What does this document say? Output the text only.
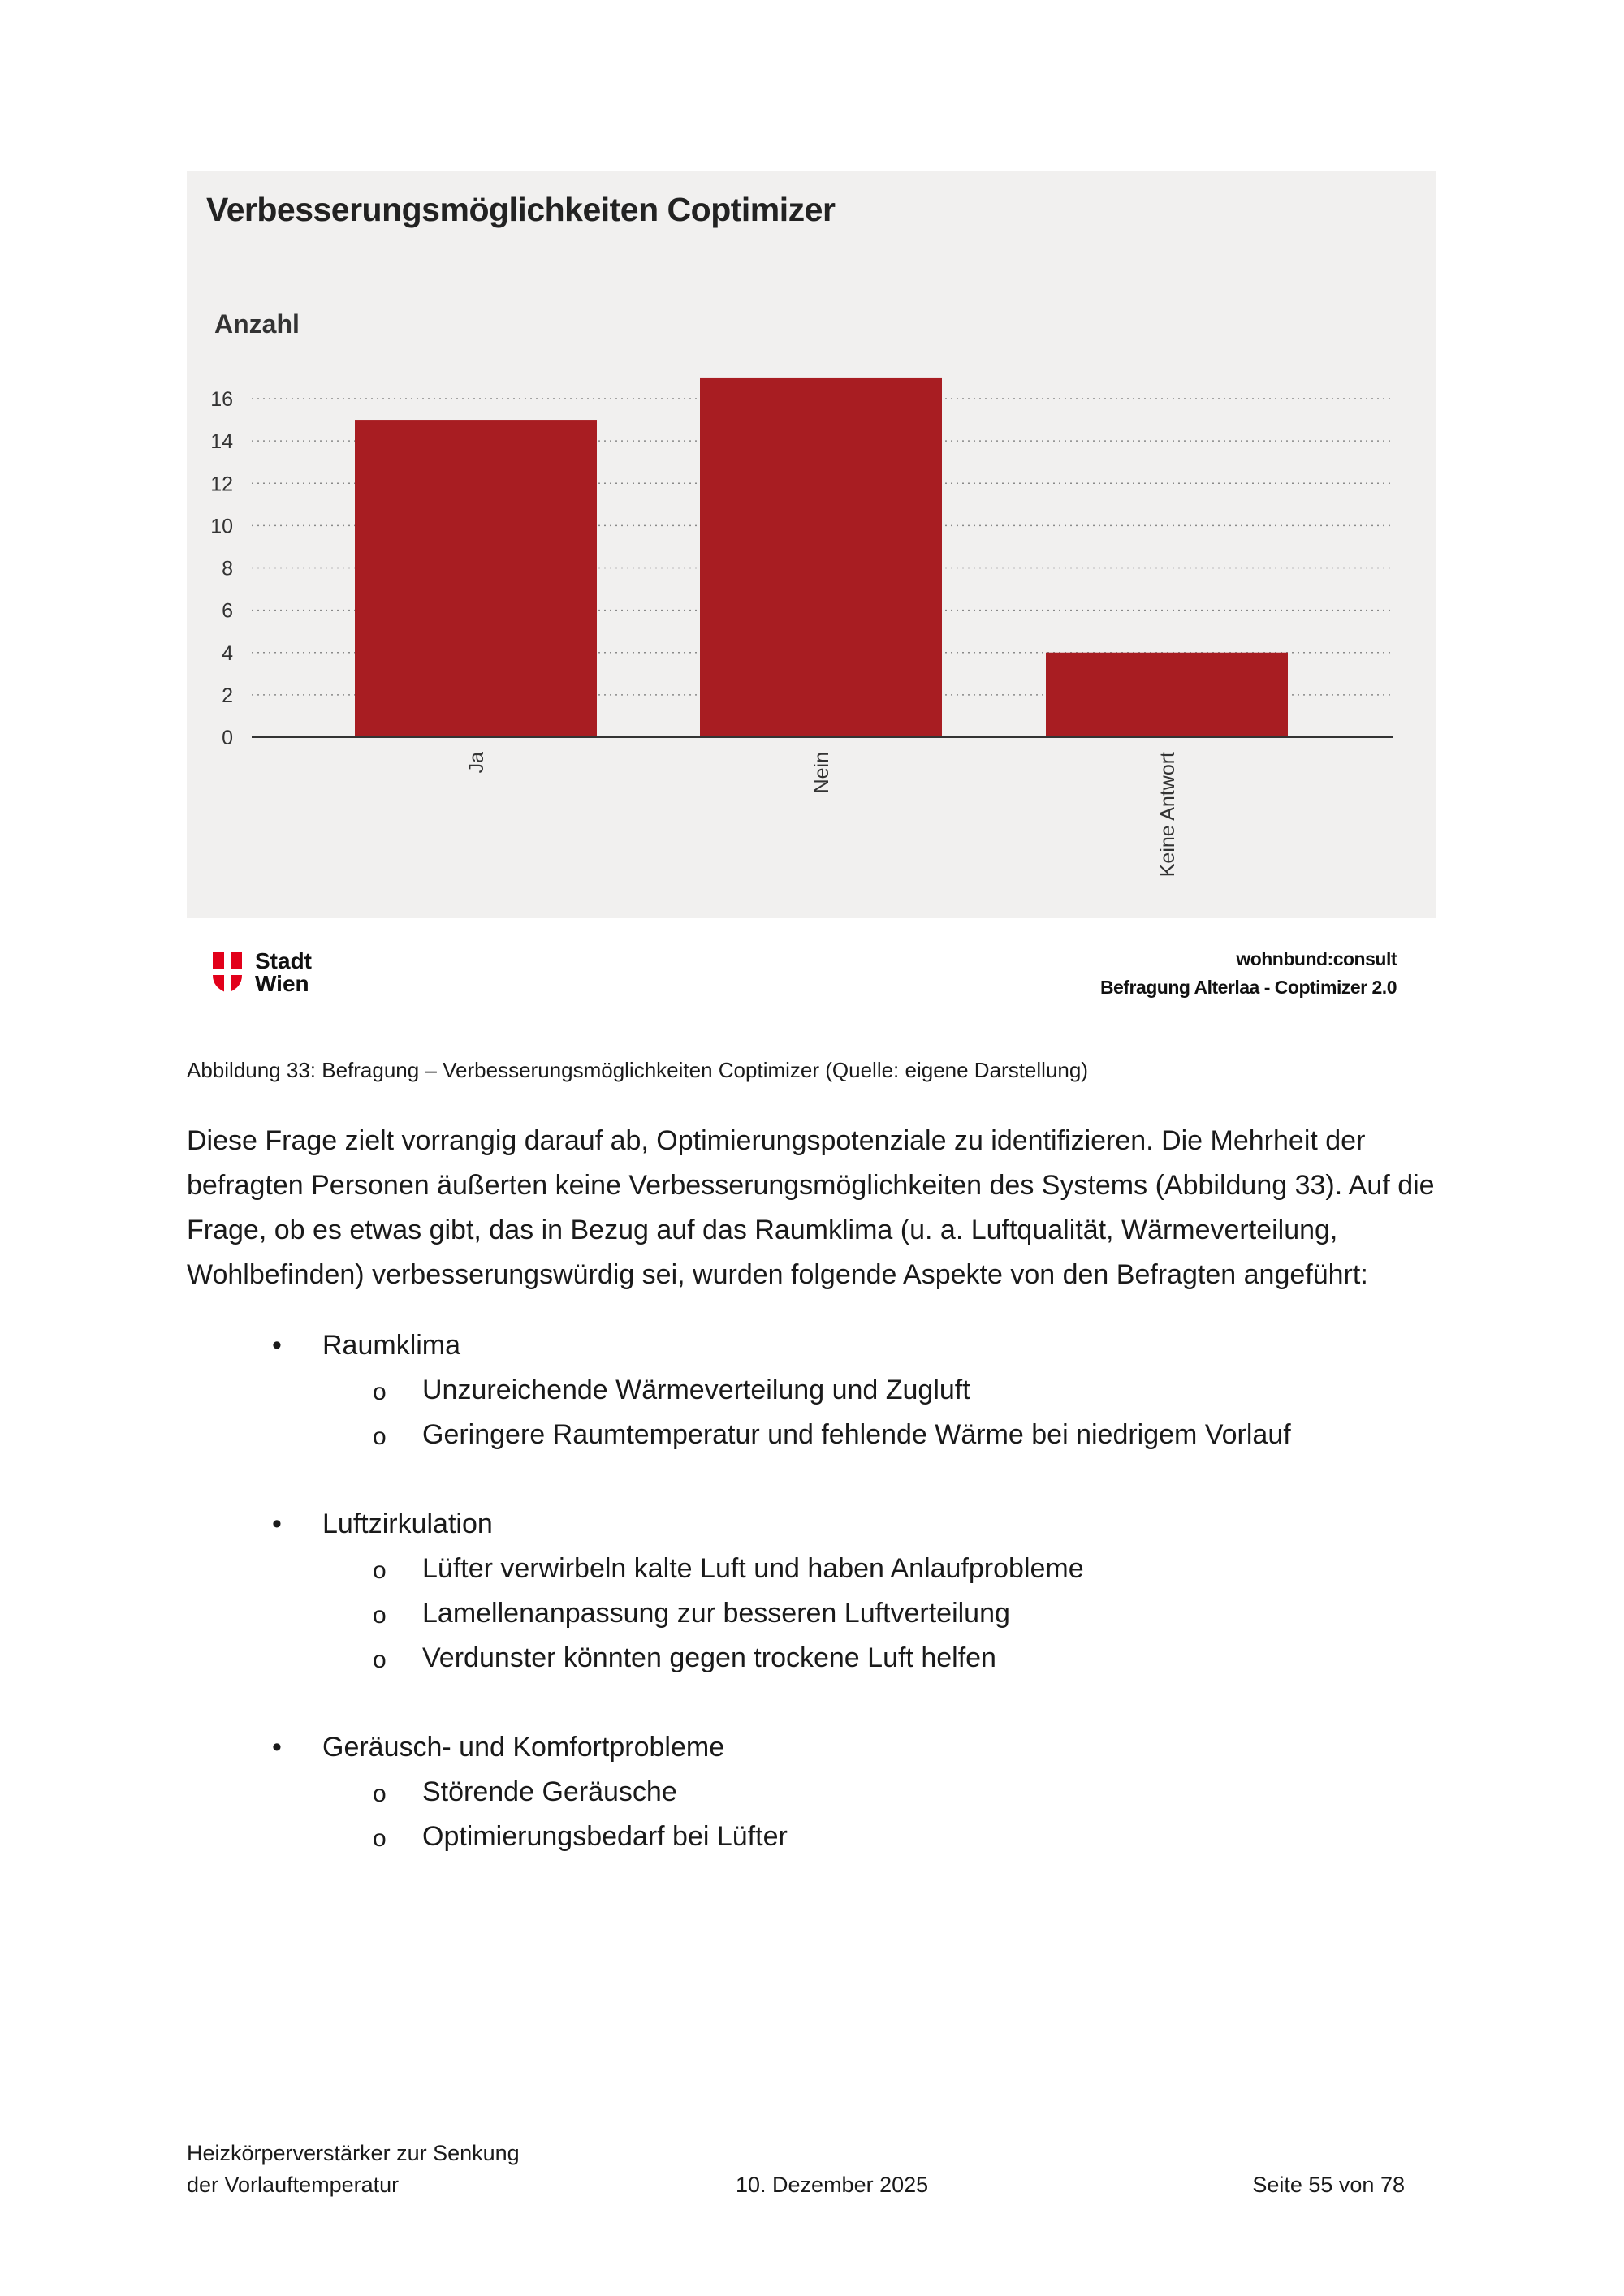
0
2
4
6
8
10
12
14
16
Ja	Nein	Keine Antwort
Verbesserungsmöglichkeiten Coptimizer
Anzahl
Stadt
Wien
wohnbund:consult
Befragung Alterlaa - Coptimizer 2.0
Abbildung 33: Befragung – Verbesserungsmöglichkeiten Coptimizer (Quelle: eigene Darstellung)
Diese Frage zielt vorrangig darauf ab, Optimierungspotenziale zu identifizieren. Die Mehrheit der befragten Personen äußerten keine Verbesserungsmöglichkeiten des Systems (Abbildung 33). Auf die Frage, ob es etwas gibt, das in Bezug auf das Raumklima (u. a. Luftqualität, Wärmeverteilung, Wohlbefinden) verbesserungswürdig sei, wurden folgende Aspekte von den Befragten angeführt:
• Raumklima
o Unzureichende Wärmeverteilung und Zugluft
o Geringere Raumtemperatur und fehlende Wärme bei niedrigem Vorlauf
• Luftzirkulation
o Lüfter verwirbeln kalte Luft und haben Anlaufprobleme
o Lamellenanpassung zur besseren Luftverteilung
o Verdunster könnten gegen trockene Luft helfen
• Geräusch- und Komfortprobleme
o Störende Geräusche
o Optimierungsbedarf bei Lüfter
Heizkörperverstärker zur Senkung
der Vorlauftemperatur	10. Dezember 2025	Seite 55 von 78
